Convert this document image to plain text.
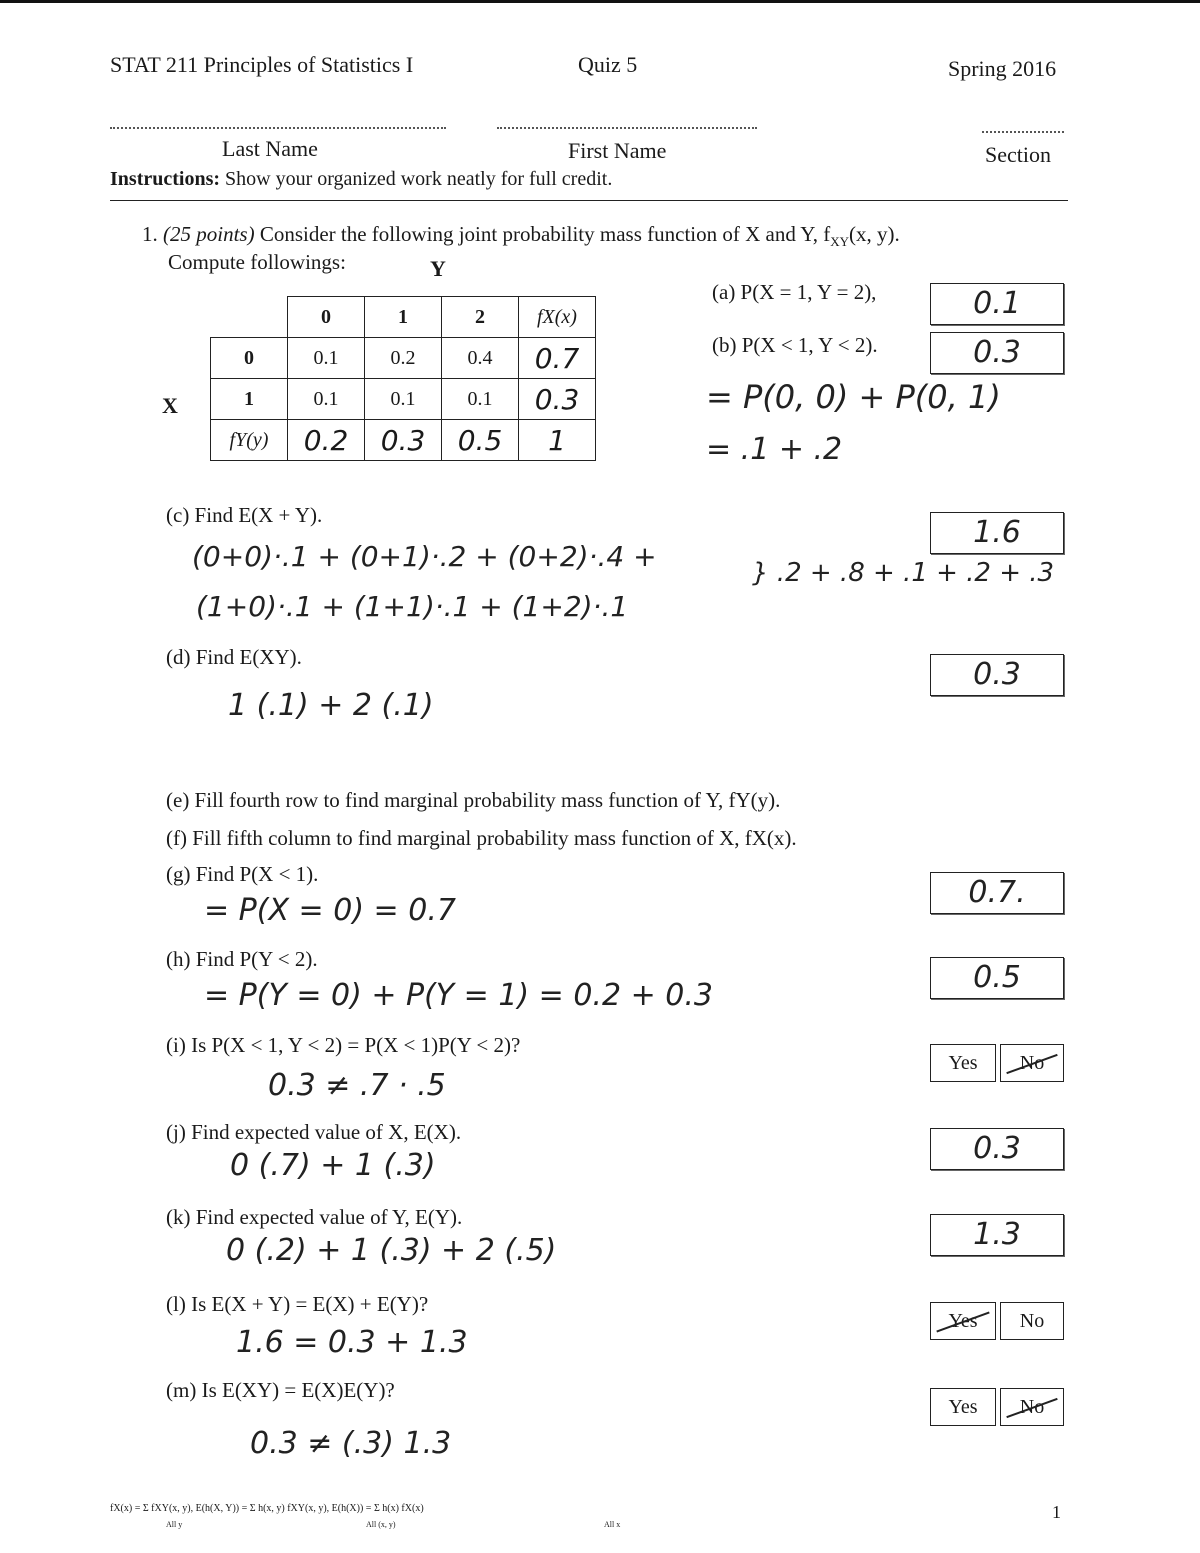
STAT 211 Principles of Statistics I	Quiz 5	Spring 2016
Last Name	First Name	Section
Instructions: Show your organized work neatly for full credit.
1. (25 points) Consider the following joint probability mass function of X and Y, $f_{XY}(x$, y).
Compute followings:	Y
X
	0	1	2	fX(x)
0	0.1	0.2	0.4	0.7
1	0.1	0.1	0.1	0.3
fY(y)	0.2	0.3	0.5	1
(a) P(X = 1, Y = 2),	0.1
(b) P(X < 1, Y < 2).	0.3
= P(0, 0) + P(0, 1)
= .1 + .2
(c) Find E(X + Y).	1.6
(0+0)·.1 + (0+1)·.2 + (0+2)·.4 +
(1+0)·.1 + (1+1)·.1 + (1+2)·.1
} .2 + .8 + .1 + .2 + .3
(d) Find E(XY).	0.3
1 (.1) + 2 (.1)
(e) Fill fourth row to find marginal probability mass function of Y, fY(y).
(f) Fill fifth column to find marginal probability mass function of X, fX(x).
(g) Find P(X < 1).
0.7.
= P(X = 0) = 0.7
(h) Find P(Y < 2).
0.5
= P(Y = 0) + P(Y = 1) = 0.2 + 0.3
(i) Is P(X < 1, Y < 2) = P(X < 1)P(Y < 2)?
Yes	No
0.3 ≠ .7 · .5
(j) Find expected value of X, E(X).	0.3
0 (.7) + 1 (.3)
(k) Find expected value of Y, E(Y).	1.3
0 (.2) + 1 (.3) + 2 (.5)
(l) Is E(X + Y) = E(X) + E(Y)?
Yes	No
1.6 = 0.3 + 1.3
(m) Is E(XY) = E(X)E(Y)?
Yes	No
0.3 ≠ (.3) 1.3
fX(x) = Σ fXY(x, y), E(h(X, Y)) = Σ h(x, y) fXY(x, y), E(h(X)) = Σ h(x) fX(x)
All y	All (x, y)	All x
1
